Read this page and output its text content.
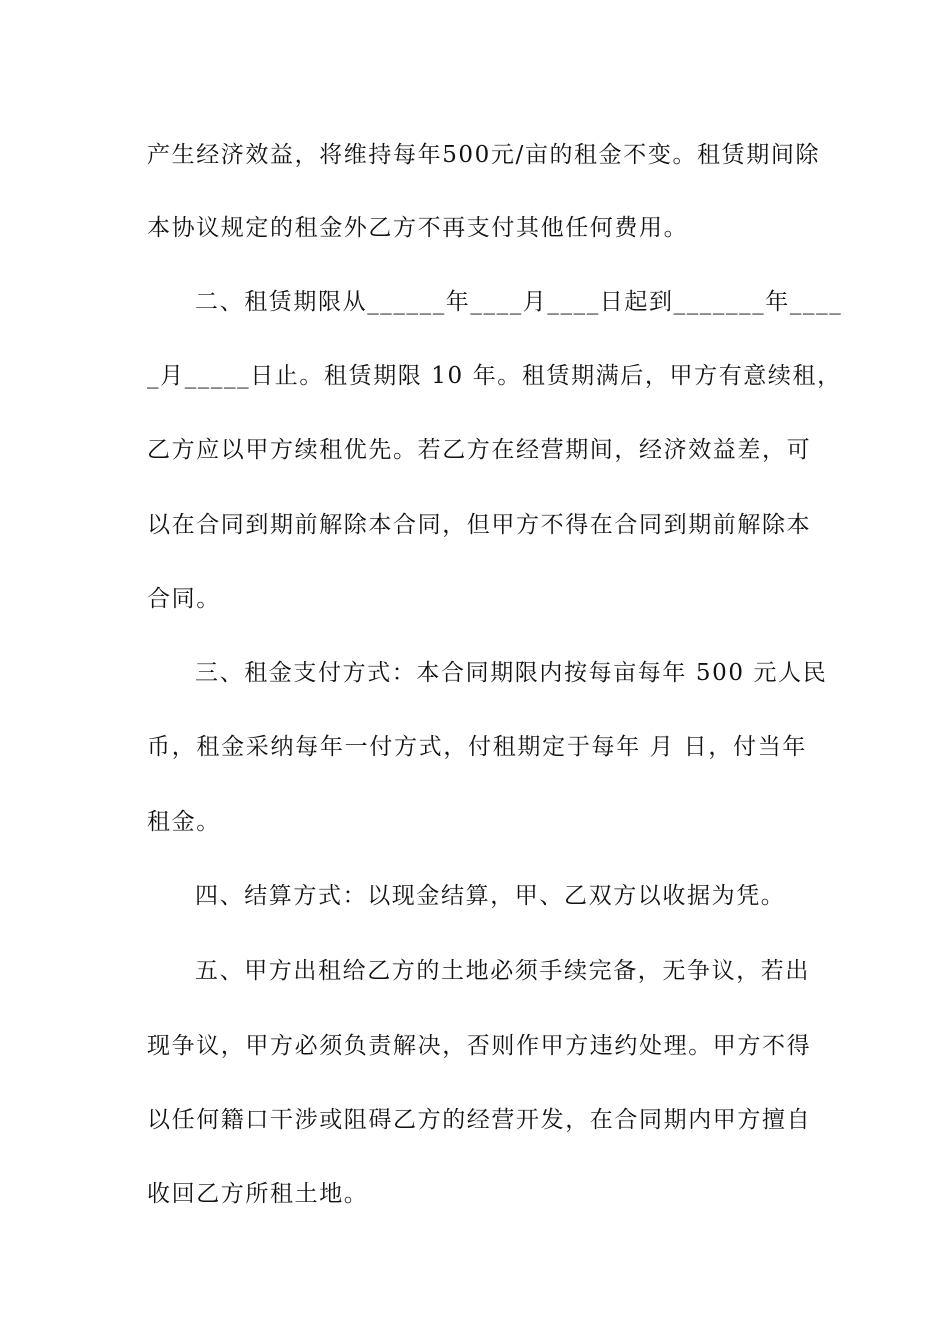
产生经济效益，将维持每年500元/亩的租金不变。租赁期间除
本协议规定的租金外乙方不再支付其他任何费用。
二、租赁期限从______年____月____日起到_______年____
_月_____日止。租赁期限 10 年。租赁期满后，甲方有意续租，
乙方应以甲方续租优先。若乙方在经营期间，经济效益差，可
以在合同到期前解除本合同，但甲方不得在合同到期前解除本
合同。
三、租金支付方式：本合同期限内按每亩每年 500 元人民
币，租金采纳每年一付方式，付租期定于每年 月 日，付当年
租金。
四、结算方式：以现金结算，甲、乙双方以收据为凭。
五、甲方出租给乙方的土地必须手续完备，无争议，若出
现争议，甲方必须负责解决，否则作甲方违约处理。甲方不得
以任何籍口干涉或阻碍乙方的经营开发，在合同期内甲方擅自
收回乙方所租土地。
